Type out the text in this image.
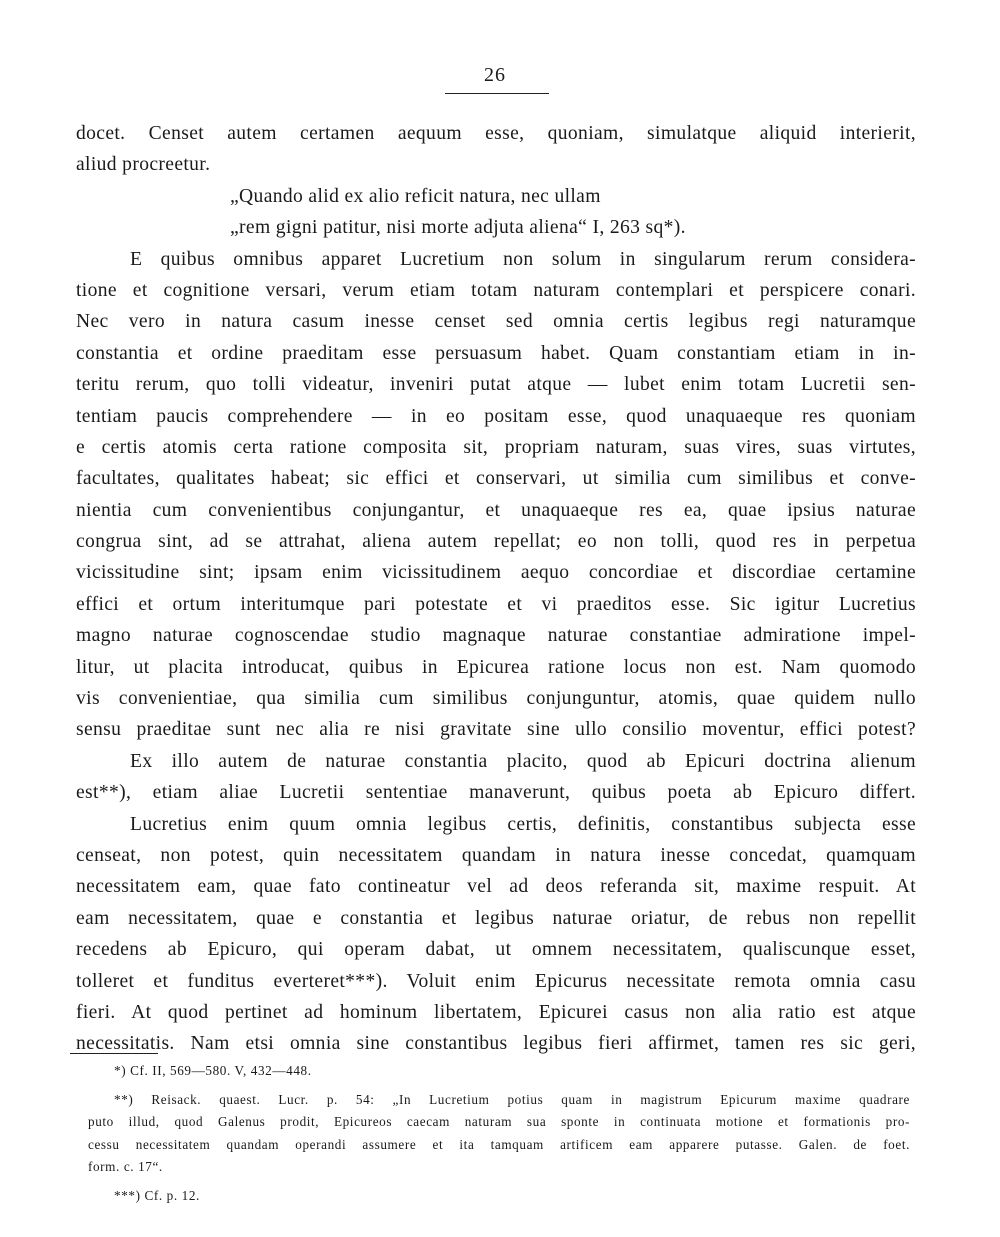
26
docet. Censet autem certamen aequum esse, quoniam, simulatque aliquid interierit,
aliud procreetur.
„Quando alid ex alio reficit natura, nec ullam
„rem gigni patitur, nisi morte adjuta aliena“ I, 263 sq*).
E quibus omnibus apparet Lucretium non solum in singularum rerum considera-
tione et cognitione versari, verum etiam totam naturam contemplari et perspicere conari.
Nec vero in natura casum inesse censet sed omnia certis legibus regi naturamque
constantia et ordine praeditam esse persuasum habet. Quam constantiam etiam in in-
teritu rerum, quo tolli videatur, inveniri putat atque — lubet enim totam Lucretii sen-
tentiam paucis comprehendere — in eo positam esse, quod unaquaeque res quoniam
e certis atomis certa ratione composita sit, propriam naturam, suas vires, suas virtutes,
facultates, qualitates habeat; sic effici et conservari, ut similia cum similibus et conve-
nientia cum convenientibus conjungantur, et unaquaeque res ea, quae ipsius naturae
congrua sint, ad se attrahat, aliena autem repellat; eo non tolli, quod res in perpetua
vicissitudine sint; ipsam enim vicissitudinem aequo concordiae et discordiae certamine
effici et ortum interitumque pari potestate et vi praeditos esse. Sic igitur Lucretius
magno naturae cognoscendae studio magnaque naturae constantiae admiratione impel-
litur, ut placita introducat, quibus in Epicurea ratione locus non est. Nam quomodo
vis convenientiae, qua similia cum similibus conjunguntur, atomis, quae quidem nullo
sensu praeditae sunt nec alia re nisi gravitate sine ullo consilio moventur, effici potest?
Ex illo autem de naturae constantia placito, quod ab Epicuri doctrina alienum
est**), etiam aliae Lucretii sententiae manaverunt, quibus poeta ab Epicuro differt.
Lucretius enim quum omnia legibus certis, definitis, constantibus subjecta esse
censeat, non potest, quin necessitatem quandam in natura inesse concedat, quamquam
necessitatem eam, quae fato contineatur vel ad deos referanda sit, maxime respuit. At
eam necessitatem, quae e constantia et legibus naturae oriatur, de rebus non repellit
recedens ab Epicuro, qui operam dabat, ut omnem necessitatem, qualiscunque esset,
tolleret et funditus everteret***). Voluit enim Epicurus necessitate remota omnia casu
fieri. At quod pertinet ad hominum libertatem, Epicurei casus non alia ratio est atque
necessitatis. Nam etsi omnia sine constantibus legibus fieri affirmet, tamen res sic geri,
*) Cf. II, 569—580. V, 432—448.
**) Reisack. quaest. Lucr. p. 54: „In Lucretium potius quam in magistrum Epicurum maxime quadrare
puto illud, quod Galenus prodit, Epicureos caecam naturam sua sponte in continuata motione et formationis pro-
cessu necessitatem quandam operandi assumere et ita tamquam artificem eam apparere putasse. Galen. de foet.
form. c. 17“.
***) Cf. p. 12.
